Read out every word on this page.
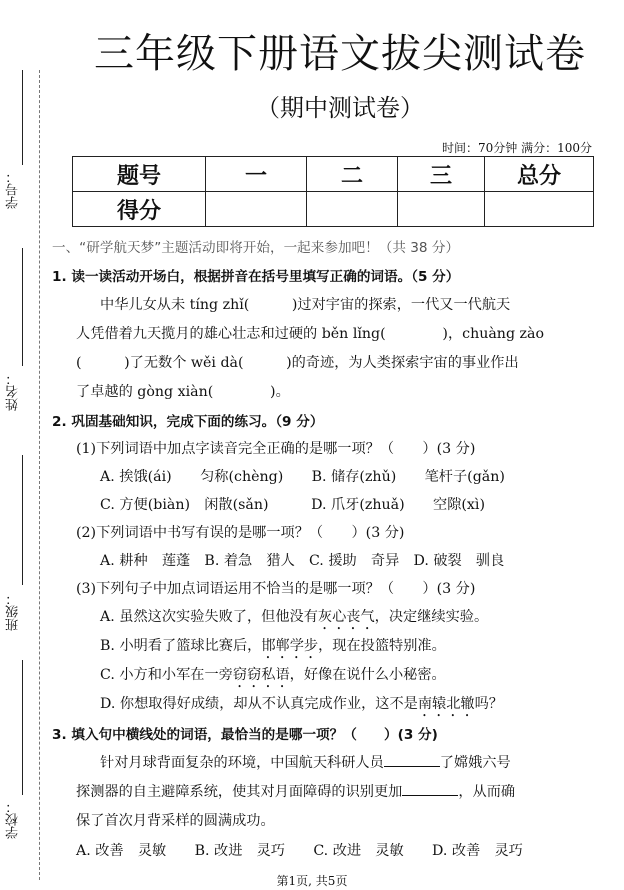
学号：
姓名：
班级：
学校：
三年级下册语文拔尖测试卷
（期中测试卷）
时间：70分钟 满分：100分
题号	一	二	三	总分
得分				
一、“研学航天梦”主题活动即将开始，一起来参加吧！（共 38 分）
1. 读一读活动开场白，根据拼音在括号里填写正确的词语。（5 分）
中华儿女从未 tíng zhǐ(　　　)过对宇宙的探索，一代又一代航天
人凭借着九天揽月的雄心壮志和过硬的 běn lǐng(　　　　)，chuàng zào
(　　　)了无数个 wěi dà(　　　)的奇迹，为人类探索宇宙的事业作出
了卓越的 gòng xiàn(　　　　)。
2. 巩固基础知识，完成下面的练习。（9 分）
(1)下列词语中加点字读音完全正确的是哪一项？（　　）(3 分)
A. 挨饿(ái)　　匀称(chèng)　　B. 储存(zhǔ)　　笔杆子(gǎn)
C. 方便(biàn)　闲散(sǎn)　　　D. 爪牙(zhuǎ)　　空隙(xì)
(2)下列词语中书写有误的是哪一项？（　　）(3 分)
A. 耕种　莲蓬　B. 着急　猎人　C. 援助　奇异　D. 破裂　驯良
(3)下列句子中加点词语运用不恰当的是哪一项？（　　）(3 分)
A. 虽然这次实验失败了，但他没有灰心丧气，决定继续实验。
B. 小明看了篮球比赛后，邯郸学步，现在投篮特别准。
C. 小方和小军在一旁窃窃私语，好像在说什么小秘密。
D. 你想取得好成绩，却从不认真完成作业，这不是南辕北辙吗？
3. 填入句中横线处的词语，最恰当的是哪一项？（　　）(3 分)
针对月球背面复杂的环境，中国航天科研人员	了嫦娥六号
探测器的自主避障系统，使其对月面障碍的识别更加	，从而确
保了首次月背采样的圆满成功。
A. 改善　灵敏　　B. 改进　灵巧　　C. 改进　灵敏　　D. 改善　灵巧
第1页, 共5页
